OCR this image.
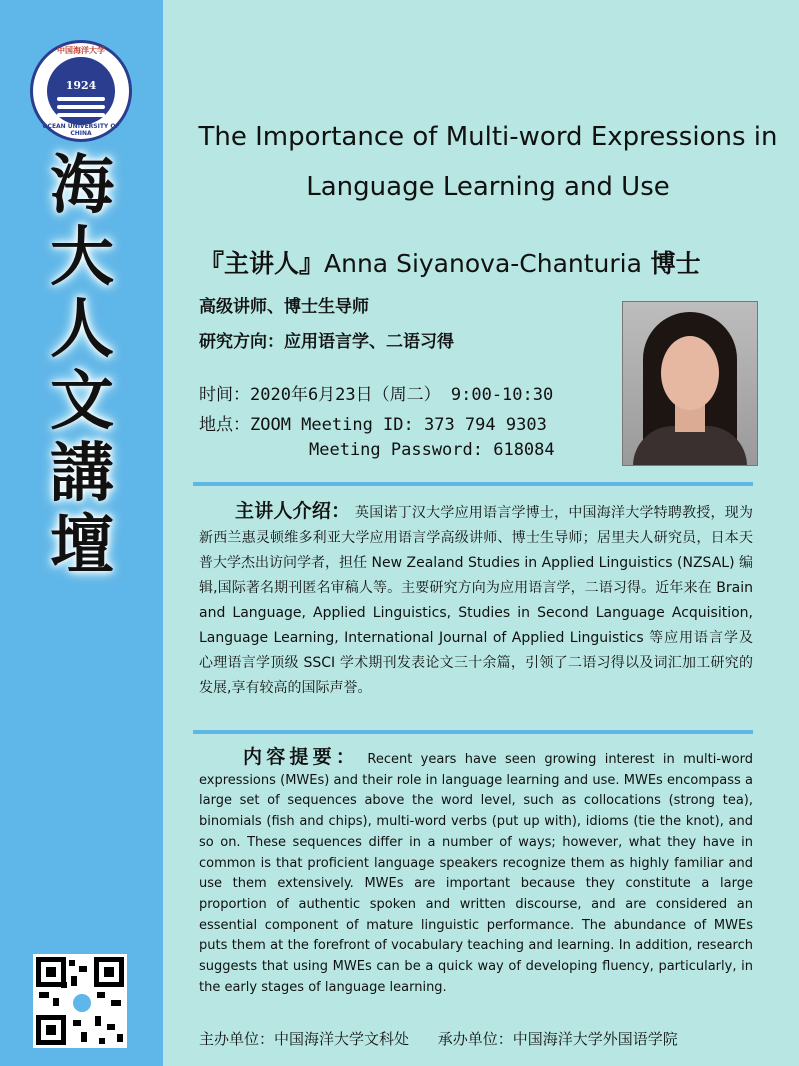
中国海洋大学
1924
OCEAN UNIVERSITY OF CHINA
海
大
人
文
講
壇
The Importance of Multi-word Expressions in
Language Learning and Use
『主讲人』Anna Siyanova-Chanturia 博士
高级讲师、博士生导师
研究方向：应用语言学、二语习得
时间：2020年6月23日（周二） 9:00-10:30
地点：ZOOM Meeting ID: 373 794 9303
Meeting Password: 618084
主讲人介绍： 英国诺丁汉大学应用语言学博士，中国海洋大学特聘教授，现为新西兰惠灵顿维多利亚大学应用语言学高级讲师、博士生导师；居里夫人研究员，日本天普大学杰出访问学者，担任 New Zealand Studies in Applied Linguistics (NZSAL) 编辑,国际著名期刊匿名审稿人等。主要研究方向为应用语言学，二语习得。近年来在 Brain and Language, Applied Linguistics, Studies in Second Language Acquisition, Language Learning, International Journal of Applied Linguistics 等应用语言学及心理语言学顶级 SSCI 学术期刊发表论文三十余篇，引领了二语习得以及词汇加工研究的发展,享有较高的国际声誉。
内容提要： Recent years have seen growing interest in multi-word expressions (MWEs) and their role in language learning and use. MWEs encompass a large set of sequences above the word level, such as collocations (strong tea), binomials (fish and chips), multi-word verbs (put up with), idioms (tie the knot), and so on. These sequences differ in a number of ways; however, what they have in common is that proficient language speakers recognize them as highly familiar and use them extensively. MWEs are important because they constitute a large proportion of authentic spoken and written discourse, and are considered an essential component of mature linguistic performance. The abundance of MWEs puts them at the forefront of vocabulary teaching and learning. In addition, research suggests that using MWEs can be a quick way of developing fluency, particularly, in the early stages of language learning.
主办单位：中国海洋大学文科处 承办单位：中国海洋大学外国语学院
